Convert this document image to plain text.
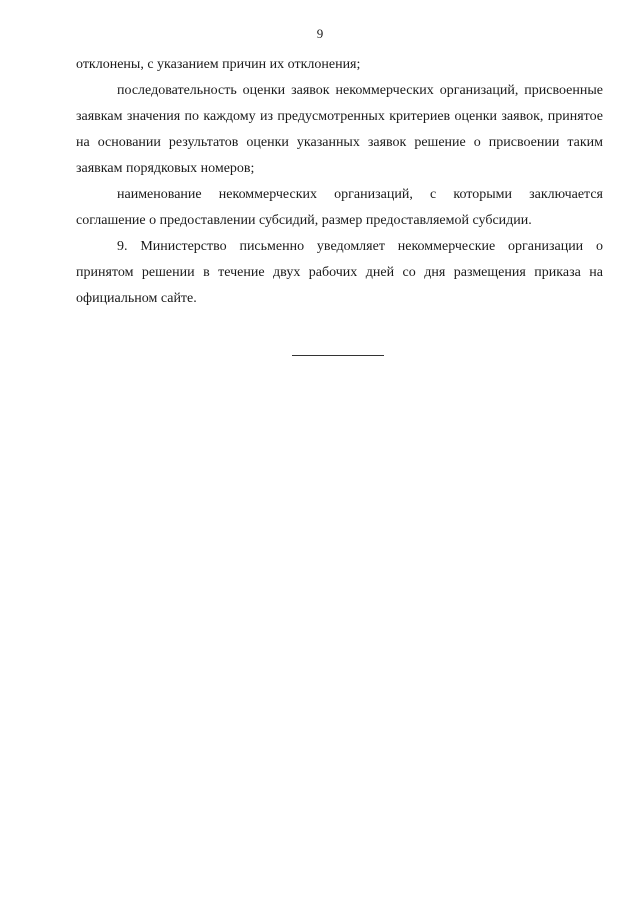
9

отклонены, с указанием причин их отклонения;

последовательность оценки заявок некоммерческих организаций, присвоенные заявкам значения по каждому из предусмотренных критериев оценки заявок, принятое на основании результатов оценки указанных заявок решение о присвоении таким заявкам порядковых номеров;

наименование некоммерческих организаций, с которыми заключается соглашение о предоставлении субсидий, размер предоставляемой субсидии.

9. Министерство письменно уведомляет некоммерческие организации о принятом решении в течение двух рабочих дней со дня размещения приказа на официальном сайте.
